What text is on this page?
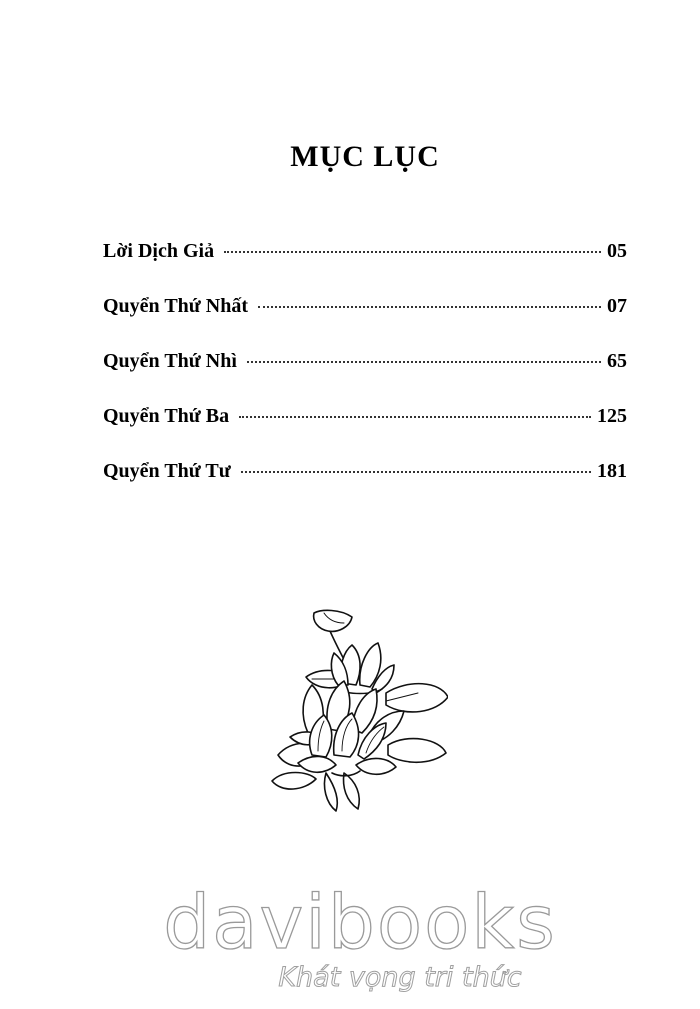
MỤC LỤC
Lời Dịch Giả	05
Quyển Thứ Nhất	07
Quyển Thứ Nhì	65
Quyển Thứ Ba	125
Quyển Thứ Tư	181
davibooks
Khát vọng tri thức
